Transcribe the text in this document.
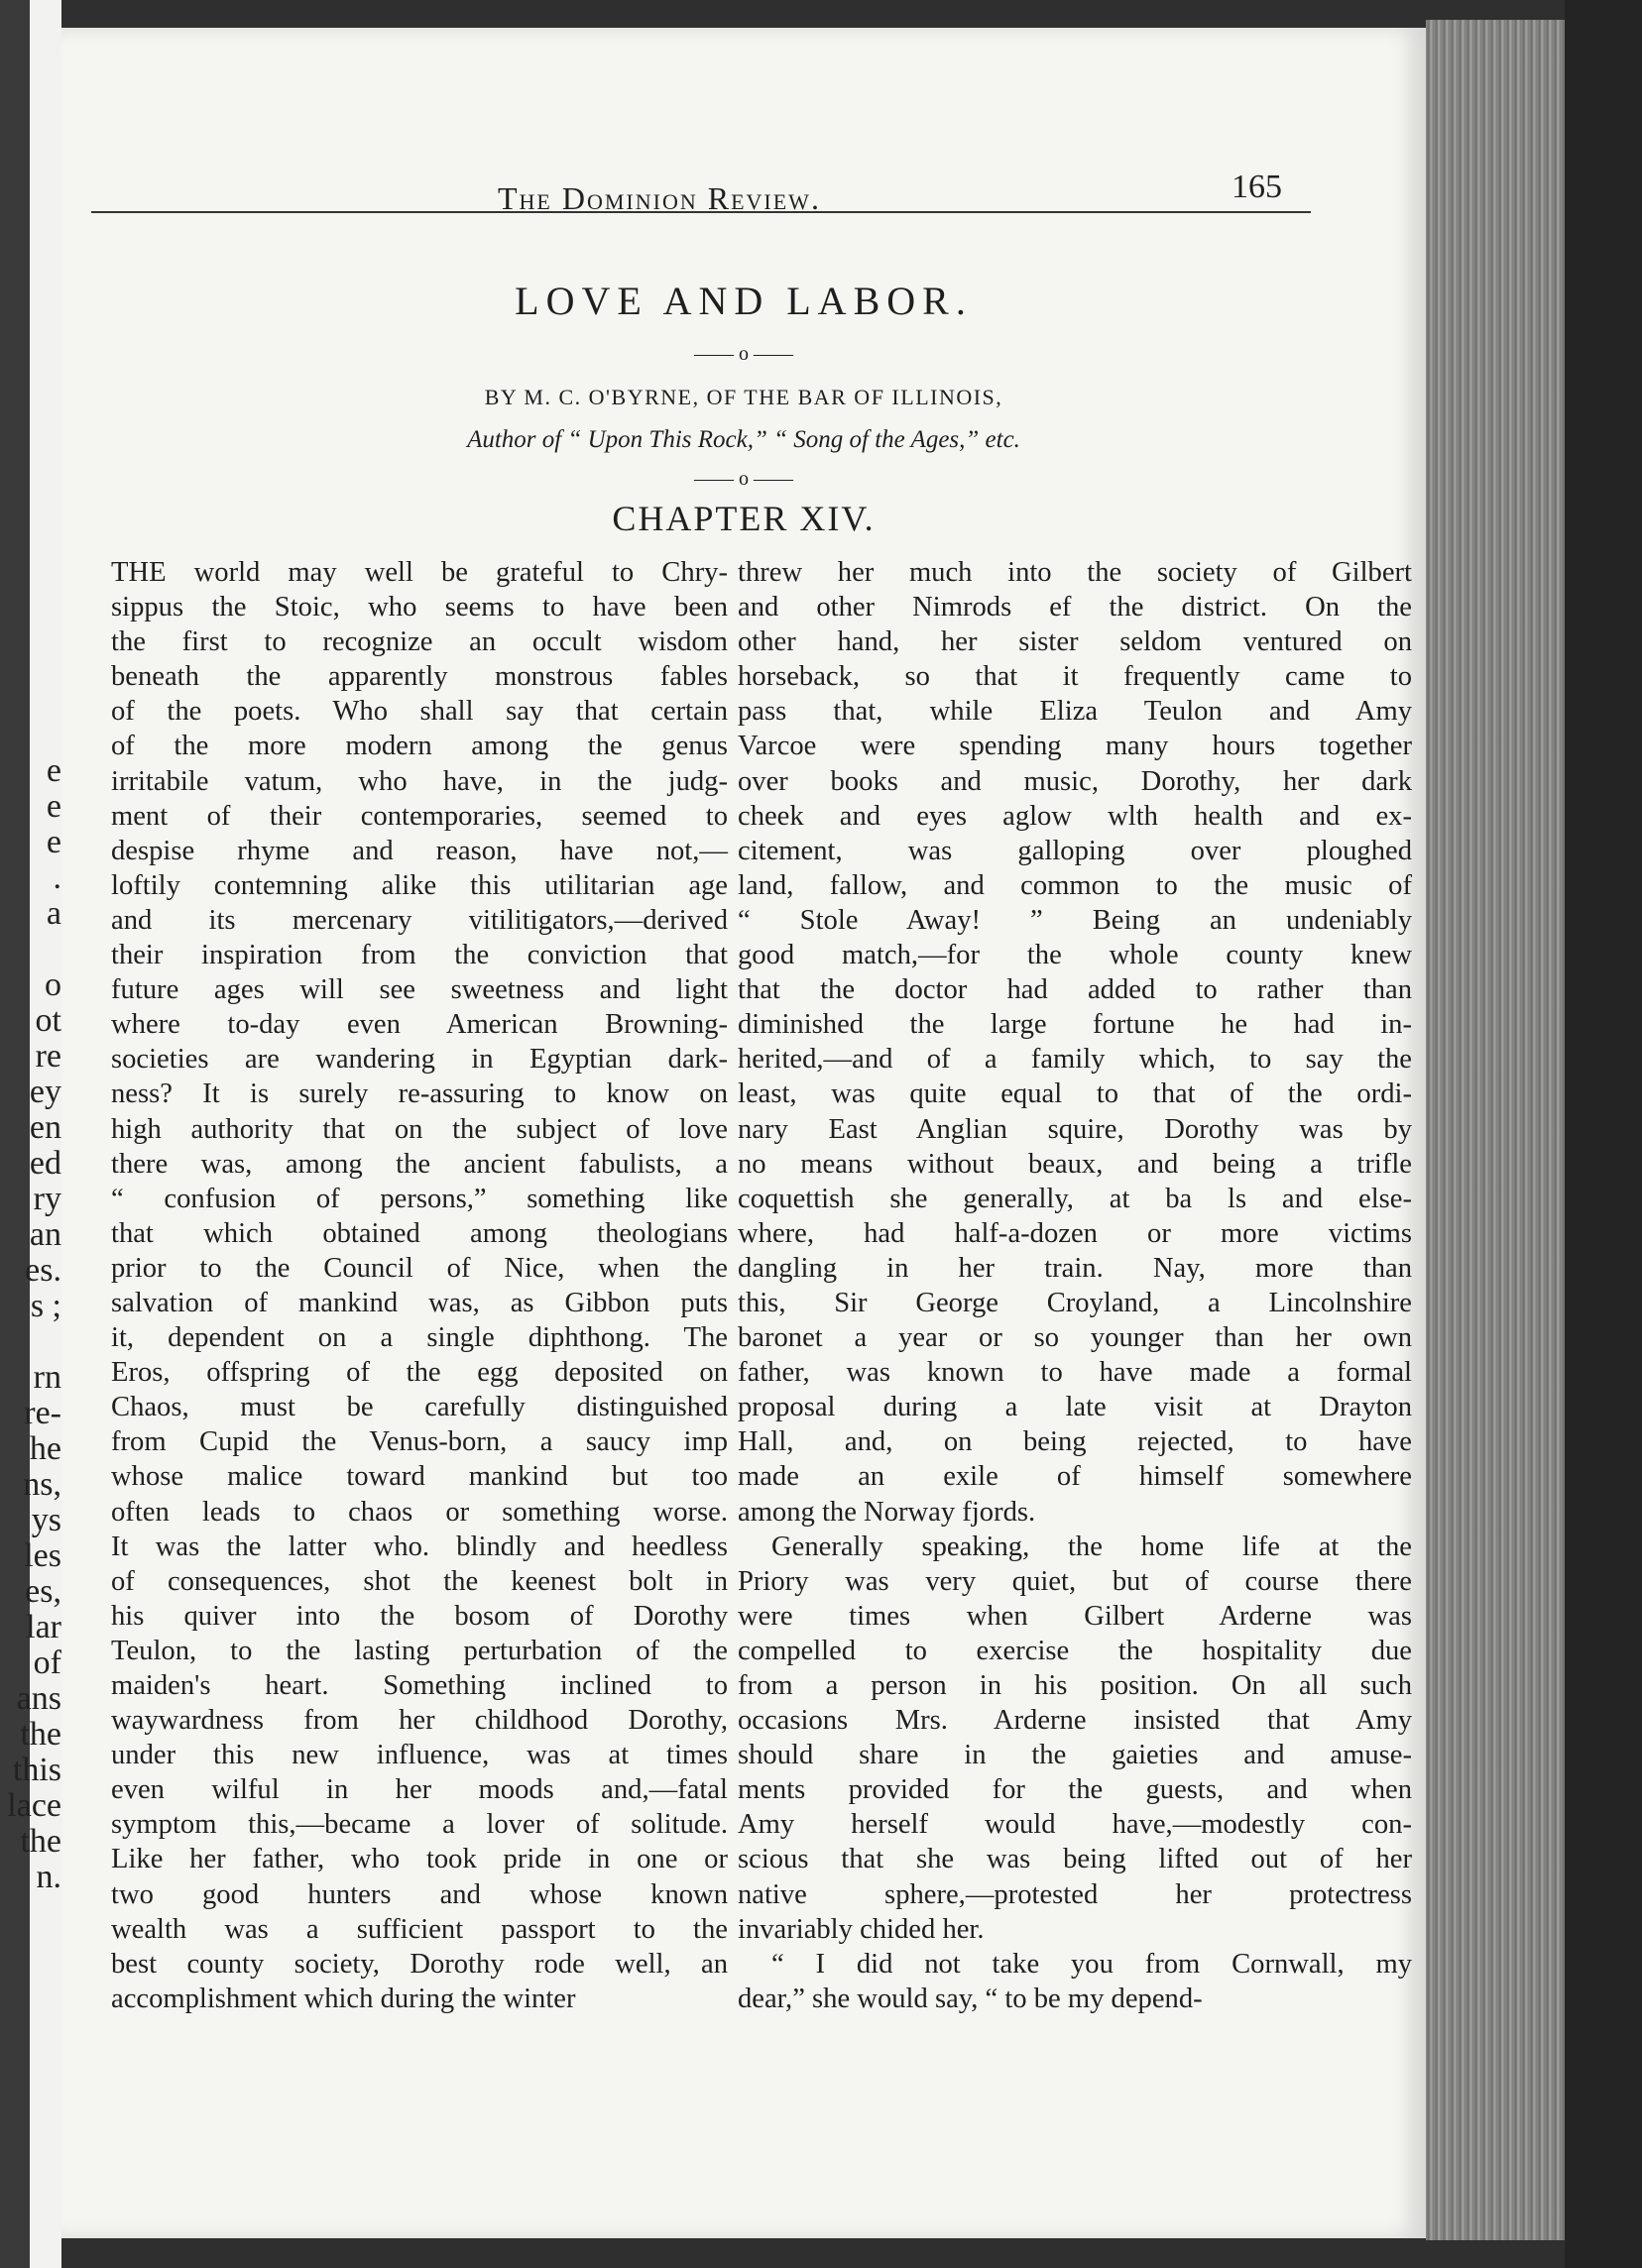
e
e
e
.
a
o
ot
re
ey
en
ed
ry
an
es.
s ;
rn
re-
he
ns,
ys
les
es,
lar
of
ans
the
this
lace
the
n.
The Dominion Review.	165
LOVE AND LABOR.
—— o ——
BY M. C. O'BYRNE, OF THE BAR OF ILLINOIS,
Author of “ Upon This Rock,” “ Song of the Ages,” etc.
—— o ——
CHAPTER XIV.
THE world may well be grateful to Chry-
sippus the Stoic, who seems to have been
the first to recognize an occult wisdom
beneath the apparently monstrous fables
of the poets. Who shall say that certain
of the more modern among the genus
irritabile vatum, who have, in the judg-
ment of their contemporaries, seemed to
despise rhyme and reason, have not,—
loftily contemning alike this utilitarian age
and its mercenary vitilitigators,—derived
their inspiration from the conviction that
future ages will see sweetness and light
where to-day even American Browning-
societies are wandering in Egyptian dark-
ness? It is surely re-assuring to know on
high authority that on the subject of love
there was, among the ancient fabulists, a
“ confusion of persons,” something like
that which obtained among theologians
prior to the Council of Nice, when the
salvation of mankind was, as Gibbon puts
it, dependent on a single diphthong. The
Eros, offspring of the egg deposited on
Chaos, must be carefully distinguished
from Cupid the Venus-born, a saucy imp
whose malice toward mankind but too
often leads to chaos or something worse.
It was the latter who. blindly and heedless
of consequences, shot the keenest bolt in
his quiver into the bosom of Dorothy
Teulon, to the lasting perturbation of the
maiden's heart. Something inclined to
waywardness from her childhood Dorothy,
under this new influence, was at times
even wilful in her moods and,—fatal
symptom this,—became a lover of solitude.
Like her father, who took pride in one or
two good hunters and whose known
wealth was a sufficient passport to the
best county society, Dorothy rode well, an
accomplishment which during the winter
threw her much into the society of Gilbert
and other Nimrods ef the district. On the
other hand, her sister seldom ventured on
horseback, so that it frequently came to
pass that, while Eliza Teulon and Amy
Varcoe were spending many hours together
over books and music, Dorothy, her dark
cheek and eyes aglow wlth health and ex-
citement, was galloping over ploughed
land, fallow, and common to the music of
“ Stole Away! ” Being an undeniably
good match,—for the whole county knew
that the doctor had added to rather than
diminished the large fortune he had in-
herited,—and of a family which, to say the
least, was quite equal to that of the ordi-
nary East Anglian squire, Dorothy was by
no means without beaux, and being a trifle
coquettish she generally, at ba ls and else-
where, had half-a-dozen or more victims
dangling in her train. Nay, more than
this, Sir George Croyland, a Lincolnshire
baronet a year or so younger than her own
father, was known to have made a formal
proposal during a late visit at Drayton
Hall, and, on being rejected, to have
made an exile of himself somewhere
among the Norway fjords.
Generally speaking, the home life at the
Priory was very quiet, but of course there
were times when Gilbert Arderne was
compelled to exercise the hospitality due
from a person in his position. On all such
occasions Mrs. Arderne insisted that Amy
should share in the gaieties and amuse-
ments provided for the guests, and when
Amy herself would have,—modestly con-
scious that she was being lifted out of her
native sphere,—protested her protectress
invariably chided her.
“ I did not take you from Cornwall, my
dear,” she would say, “ to be my depend-
